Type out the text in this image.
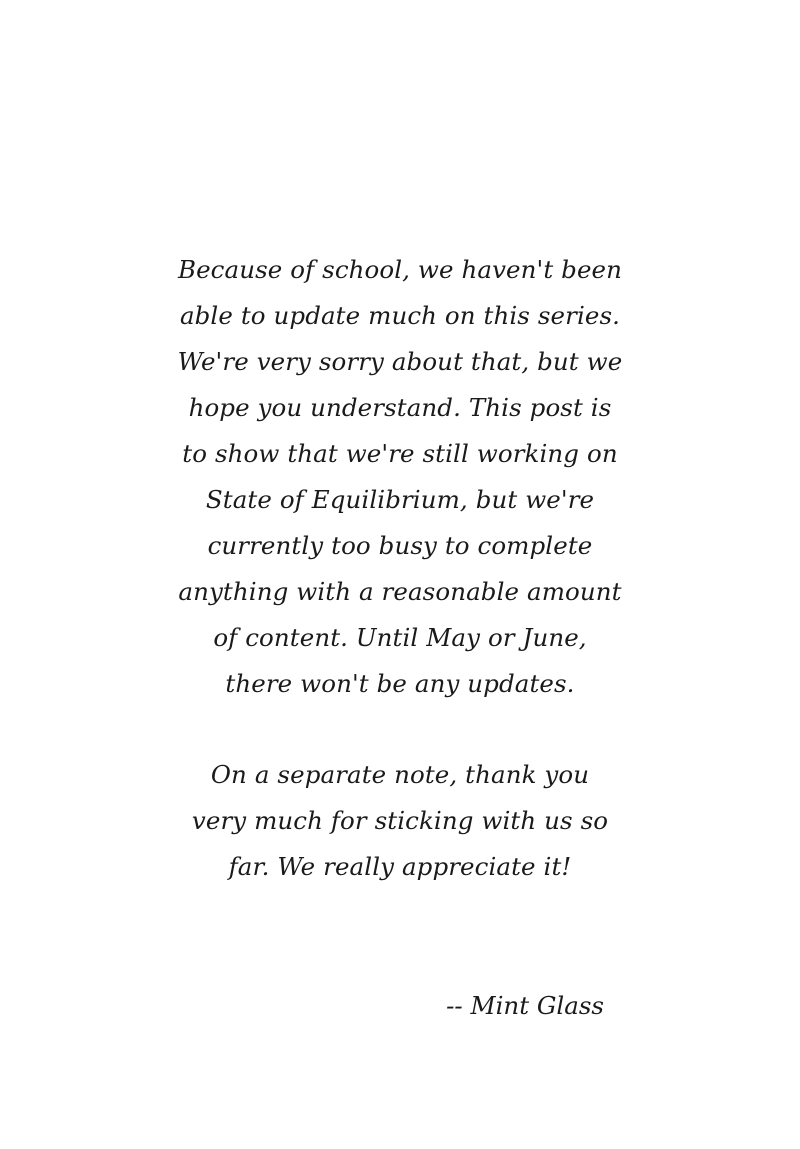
Because of school, we haven't been
able to update much on this series.
We're very sorry about that, but we
hope you understand. This post is
to show that we're still working on
State of Equilibrium, but we're
currently too busy to complete
anything with a reasonable amount
of content. Until May or June,
there won't be any updates.
On a separate note, thank you
very much for sticking with us so
far. We really appreciate it!
-- Mint Glass
